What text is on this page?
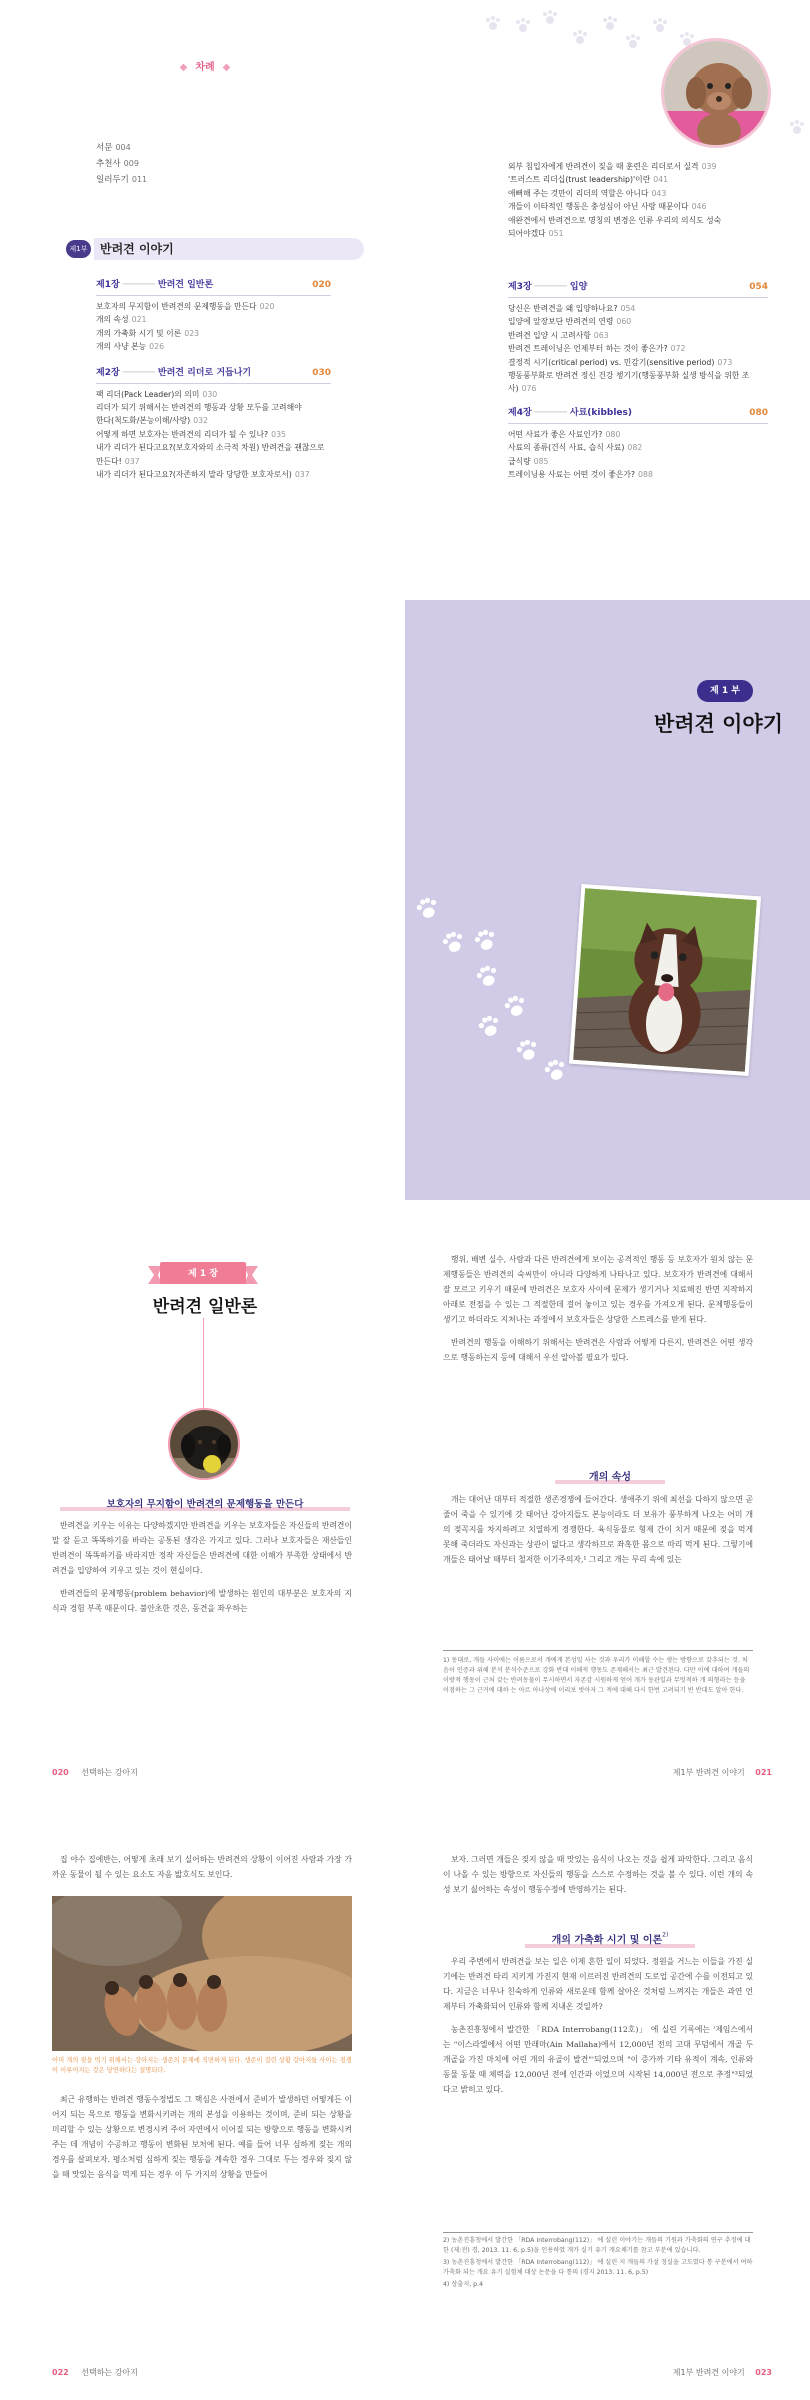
◆ 차례 ◆
서문 004
추천사 009
일러두기 011
제1부	반려견 이야기
제1장 ────── 반려견 일반론	020
보호자의 무지함이 반려견의 문제행동을 만든다 020
개의 속성 021
개의 가축화 시기 및 이론 023
개의 사냥 본능 026
제2장 ────── 반려견 리더로 거듭나기	030
팩 리더(Pack Leader)의 의미 030
리더가 되기 위해서는 반려견의 행동과 상황 모두를 고려해야
한다(척도화/본능이해/사랑) 032
어떻게 하면 보호자는 반려견의 리더가 될 수 있나? 035
내가 리더가 된다고요?(보호자와의 소극적 차원) 반려견을 괜찮으로
만든다! 037
내가 리더가 된다고요?(자존하지 말라 당당한 보호자로서) 037
외부 침입자에게 반려견이 짖을 때 훈련은 리더로서 실격 039
'트러스트 리더십(trust leadership)'이란 041
애뻐해 주는 것만이 리더의 역할은 아니다 043
개들이 이타적인 행동은 충성심이 아닌 사랑 때문이다 046
애완견에서 반려견으로 명칭의 변경은 인류 우리의 의식도 성숙
되어야겠다 051
제3장 ────── 입양	054
당신은 반려견을 왜 입양하나요? 054
입양에 앞장보단 반려견의 연령 060
반려견 입양 시 고려사항 063
반려견 트레이닝은 언제부터 하는 것이 좋은가? 072
결정적 시기(critical period) vs. 민감기(sensitive period) 073
행동풍부화로 반려견 정신 건강 챙기기(행동풍부화 실생 방식을 위한 조사) 076
제4장 ────── 사료(kibbles)	080
어떤 사료가 좋은 사료인가? 080
사료의 종류(건식 사료, 습식 사료) 082
급식량 085
트레이닝용 사료는 어떤 것이 좋은가? 088
제 1 부
반려견 이야기
제 1 장
반려견 일반론
보호자의 무지함이 반려견의 문제행동을 만든다

반려견을 키우는 이유는 다양하겠지만 반려견을 키우는 보호자들은 자신들의 반려견이 말 잘 듣고 똑똑하기를 바라는 공통된 생각은 가지고 있다. 그러나 보호자들은 재산들인 반려견이 똑똑하기를 바라지만 정작 자신들은 반려견에 대한 이해가 부족한 상태에서 반려견을 입양하여 키우고 있는 것이 현실이다.

반려견들의 문제행동(problem behavior)에 발생하는 원인의 대부분은 보호자의 지식과 경험 부족 때문이다. 불안초한 것은, 동견을 좌우하는

020 선택하는 강아지

행위, 배변 실수, 사람과 다른 반려견에게 보이는 공격적인 행동 등 보호자가 원치 않는 문제행동들은 반려견의 숙씨만이 아니라 다양하게 나타나고 있다. 보호자가 반려견에 대해서 잘 모르고 키우기 때문에 반려견은 보호자 사이에 문제가 생기거나 치료해진 반면 지작하지 아래로 전점을 수 있는 그 적절한데 걸어 놓이고 있는 경우를 가져오게 된다. 문제행동들이 생기고 하더라도 지쳐나는 과정에서 보호자들은 상당한 스트레스를 받게 된다.

반려견의 행동을 이해하기 위해서는 반려견은 사람과 어떻게 다른지, 반려견은 어떤 생각으로 행동하는지 등에 대해서 우선 알아볼 필요가 있다.

개의 속성

개는 대어난 대부터 적절한 생존경쟁에 들어간다. 생애주기 위에 최선을 다하지 않으면 곧 줄어 죽을 수 있기에 갓 태어난 강아지들도 본능이라도 더 보유가 풍부하게 나오는 어미 개의 젖꼭지를 차지하려고 치열하게 경쟁한다. 육식동물로 형제 간이 치거 때문에 젖을 먹게 못해 죽더라도 자신과는 상관이 없다고 생각하므로 좌혹한 몸으로 따리 먹게 된다. 그렇기에 개들은 태어날 때부터 철저한 이기주의자,¹ 그리고 개는 무리 속에 있는

1) 동대로, 개들 사이에는 이름으로서 개에게 본성일 사는 것과 우리가 이해할 수는 생는 방향으로 갖추되는 것. 처음이 인증과 위해 분석 분석수준으로 강화 반대 이해적 행동도 존재해서는 최근 발견된다. 다만 이에 대하여 개들의 이방적 행동이 근처 갖는 반려동물이 무시하면서 자존감 시원하게 얻어 개가 동관일과 무엇적하 개 의형라는 등을 이점하는 그 근거에 대하 는 아르 아나상에 이리보 벗아자 그 적에 대해 다시 한번 고려되기 빈 반대도 알아 한다.
제1부 반려견 이야기 021

집 야수 집에반는, 어떻게 초래 보기 실어하는 반려견의 상황이 이어진 사람과 가장 가까운 동물이 될 수 있는 요소도 자음 밟호식도 보인다.

어미 개의 젖을 먹기 위해서는 강아지는 생존의 문제에 직면하게 된다. 생존이 걸린 상황 강아지들 사이는 경쟁이 이루어지는 것은 당연하다는 설명되다.

최근 유행하는 반려견 행동수정법도 그 핵심은 사전에서 준비가 발생하던 어떻게든 이어지 되는 목으로 행동을 변화시키려는 개의 본성을 이용하는 것이며, 준비 되는 상황을 미리할 수 있는 상황으로 변경시켜 주어 자연에서 이어질 되는 방향으로 행동을 변화시켜주는 데 개념이 수공하고 행동이 변화된 보처에 된다. 예를 들어 너무 심하게 짖는 개의 경우를 살펴보자. 평소처럼 심하게 짖는 행동을 계속한 경우 그대로 두는 경우와 짖지 않을 때 맛있는 음식을 먹게 되는 경우 이 두 가지의 상황을 만들어

022 선택하는 강아지

보자. 그러면 개들은 짖지 않을 때 맛있는 음식이 나오는 것을 쉽게 파악한다. 그리고 음식이 나올 수 있는 방향으로 자신들의 행동을 스스로 수정하는 것을 볼 수 있다. 이런 개의 속성 보기 싫어하는 속성이 행동수정에 반영하기는 된다.

개의 가축화 시기 및 이론$^{2)}$

우리 주변에서 반려견을 보는 일은 이제 흔한 일이 되었다. 정원을 거느는 이들을 가진 실기에는 반려견 타리 지키게 가진지 현재 이르러진 반려견의 도로업 공간에 수를 이전되고 있다. 지금은 너무나 친숙하게 인류와 새로운데 함께 살아온 것처럼 느껴지는 개들은 과연 언제부터 가축화되어 인류와 함께 지내온 것일까?

농촌진흥청에서 발간한 「RDA Interrobang(112호)」 에 실린 기록에는 '제임스에서는 "이스라엘에서 어떤 만래마(Ain Mallaha)에서 12,000년 전의 고대 무덤에서 개골 두 개골을 가진 마치에 어린 개의 유골이 발견"'되었으며 "이 증가까 기타 유적이 계속, 인류와 동물 동물 때 체력을 12,000년 전에 인간과 이었으며 시작된 14,000년 전으로 추정"³되었다고 밝히고 있다.

2) 농촌진흥청에서 발간한 「RDA Interrobang(112)」 에 실린 이야기는 개들의 기원과 가축화의 연구 추정에 대한 (제:전) 경, 2013. 11. 6, p.5)을 인용하였 개가 실기 유기 개요체기를 참고 부분에 있습니다.
3) 농촌진흥청에서 발간한 「RDA Interrobang(112)」 에 실린 지 개들의 가설 정실을 고도였다 통 구분에서 여하 가축화 되는 개요 유기 실험체 대상 논문을 다 통의 (경지 2013. 11. 6, p.5)
4) 상출지, p.4
제1부 반려견 이야기 023
